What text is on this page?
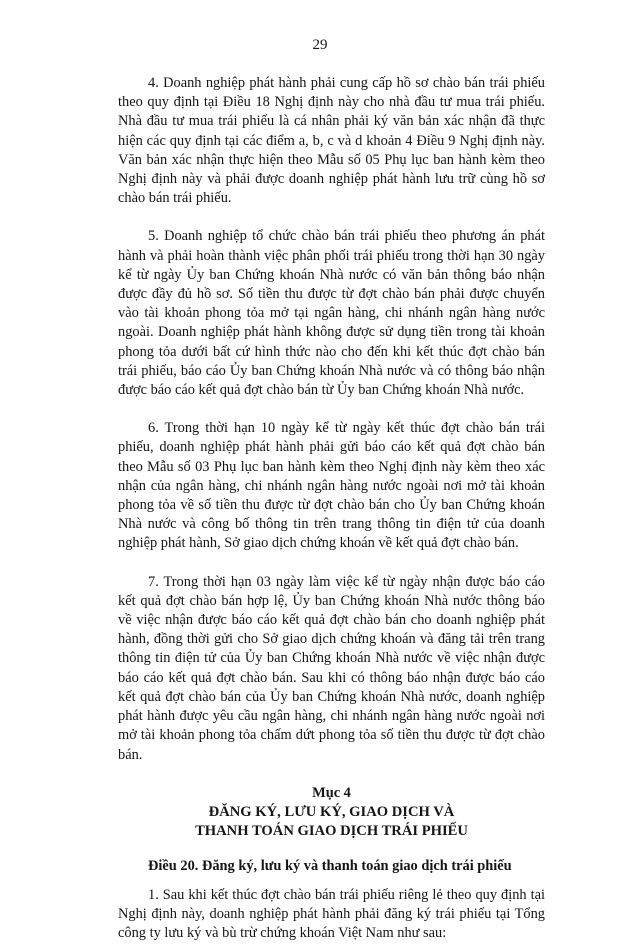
29

4. Doanh nghiệp phát hành phải cung cấp hồ sơ chào bán trái phiếu theo quy định tại Điều 18 Nghị định này cho nhà đầu tư mua trái phiếu. Nhà đầu tư mua trái phiếu là cá nhân phải ký văn bản xác nhận đã thực hiện các quy định tại các điểm a, b, c và d khoản 4 Điều 9 Nghị định này. Văn bản xác nhận thực hiện theo Mẫu số 05 Phụ lục ban hành kèm theo Nghị định này và phải được doanh nghiệp phát hành lưu trữ cùng hồ sơ chào bán trái phiếu.

5. Doanh nghiệp tổ chức chào bán trái phiếu theo phương án phát hành và phải hoàn thành việc phân phối trái phiếu trong thời hạn 30 ngày kể từ ngày Ủy ban Chứng khoán Nhà nước có văn bản thông báo nhận được đầy đủ hồ sơ. Số tiền thu được từ đợt chào bán phải được chuyển vào tài khoản phong tỏa mở tại ngân hàng, chi nhánh ngân hàng nước ngoài. Doanh nghiệp phát hành không được sử dụng tiền trong tài khoản phong tỏa dưới bất cứ hình thức nào cho đến khi kết thúc đợt chào bán trái phiếu, báo cáo Ủy ban Chứng khoán Nhà nước và có thông báo nhận được báo cáo kết quả đợt chào bán từ Ủy ban Chứng khoán Nhà nước.

6. Trong thời hạn 10 ngày kể từ ngày kết thúc đợt chào bán trái phiếu, doanh nghiệp phát hành phải gửi báo cáo kết quả đợt chào bán theo Mẫu số 03 Phụ lục ban hành kèm theo Nghị định này kèm theo xác nhận của ngân hàng, chi nhánh ngân hàng nước ngoài nơi mở tài khoản phong tỏa về số tiền thu được từ đợt chào bán cho Ủy ban Chứng khoán Nhà nước và công bố thông tin trên trang thông tin điện tử của doanh nghiệp phát hành, Sở giao dịch chứng khoán về kết quả đợt chào bán.

7. Trong thời hạn 03 ngày làm việc kể từ ngày nhận được báo cáo kết quả đợt chào bán hợp lệ, Ủy ban Chứng khoán Nhà nước thông báo về việc nhận được báo cáo kết quả đợt chào bán cho doanh nghiệp phát hành, đồng thời gửi cho Sở giao dịch chứng khoán và đăng tải trên trang thông tin điện tử của Ủy ban Chứng khoán Nhà nước về việc nhận được báo cáo kết quả đợt chào bán. Sau khi có thông báo nhận được báo cáo kết quả đợt chào bán của Ủy ban Chứng khoán Nhà nước, doanh nghiệp phát hành được yêu cầu ngân hàng, chi nhánh ngân hàng nước ngoài nơi mở tài khoản phong tỏa chấm dứt phong tỏa số tiền thu được từ đợt chào bán.

Mục 4
ĐĂNG KÝ, LƯU KÝ, GIAO DỊCH VÀ
THANH TOÁN GIAO DỊCH TRÁI PHIẾU

Điều 20. Đăng ký, lưu ký và thanh toán giao dịch trái phiếu

1. Sau khi kết thúc đợt chào bán trái phiếu riêng lẻ theo quy định tại Nghị định này, doanh nghiệp phát hành phải đăng ký trái phiếu tại Tổng công ty lưu ký và bù trừ chứng khoán Việt Nam như sau:
